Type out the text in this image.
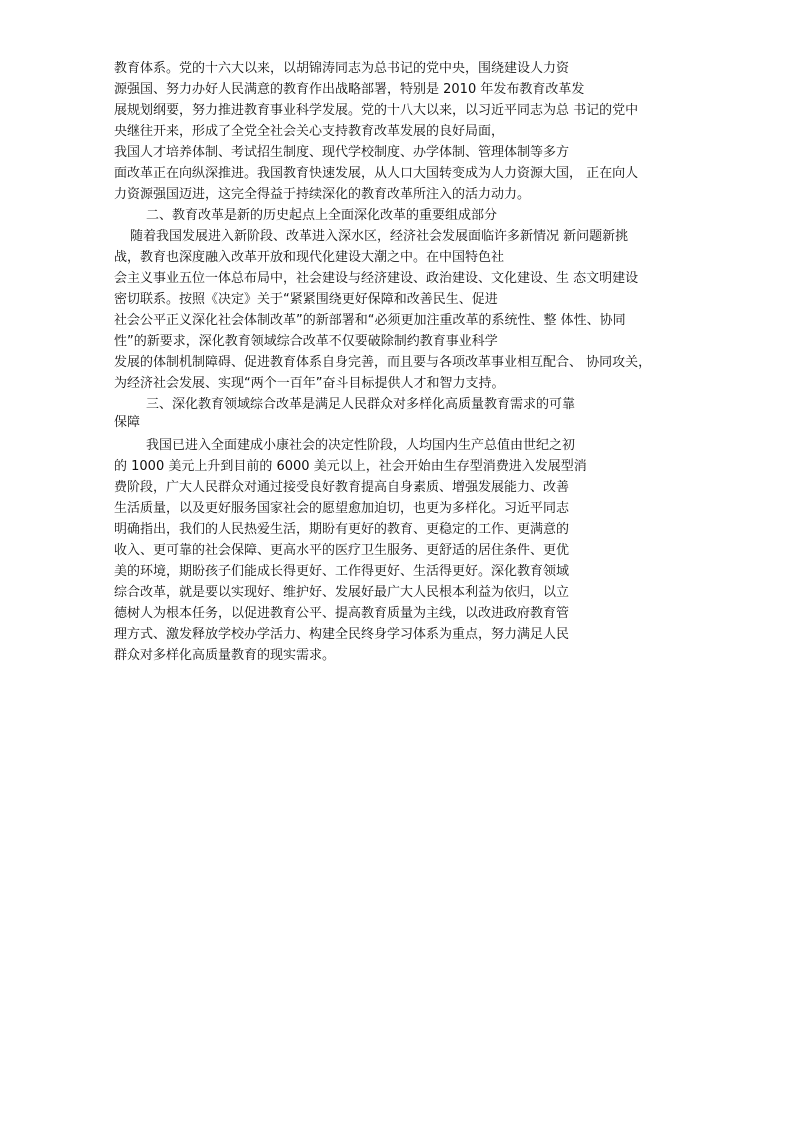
教育体系。党的十六大以来，以胡锦涛同志为总书记的党中央，围绕建设人力资
源强国、努力办好人民满意的教育作出战略部署，特别是 2010 年发布教育改革发
展规划纲要，努力推进教育事业科学发展。党的十八大以来，以习近平同志为总 书记的党中
央继往开来，形成了全党全社会关心支持教育改革发展的良好局面，
我国人才培养体制、考试招生制度、现代学校制度、办学体制、管理体制等多方
面改革正在向纵深推进。我国教育快速发展，从人口大国转变成为人力资源大国， 正在向人
力资源强国迈进，这完全得益于持续深化的教育改革所注入的活力动力。
二、教育改革是新的历史起点上全面深化改革的重要组成部分
随着我国发展进入新阶段、改革进入深水区，经济社会发展面临许多新情况 新问题新挑
战，教育也深度融入改革开放和现代化建设大潮之中。在中国特色社
会主义事业五位一体总布局中，社会建设与经济建设、政治建设、文化建设、生 态文明建设
密切联系。按照《决定》关于“紧紧围绕更好保障和改善民生、促进
社会公平正义深化社会体制改革”的新部署和“必须更加注重改革的系统性、整 体性、协同
性”的新要求，深化教育领域综合改革不仅要破除制约教育事业科学
发展的体制机制障碍、促进教育体系自身完善，而且要与各项改革事业相互配合、 协同攻关，
为经济社会发展、实现“两个一百年”奋斗目标提供人才和智力支持。
三、深化教育领域综合改革是满足人民群众对多样化高质量教育需求的可靠
保障
我国已进入全面建成小康社会的决定性阶段，人均国内生产总值由世纪之初
的 1000 美元上升到目前的 6000 美元以上，社会开始由生存型消费进入发展型消
费阶段，广大人民群众对通过接受良好教育提高自身素质、增强发展能力、改善
生活质量，以及更好服务国家社会的愿望愈加迫切，也更为多样化。习近平同志
明确指出，我们的人民热爱生活，期盼有更好的教育、更稳定的工作、更满意的
收入、更可靠的社会保障、更高水平的医疗卫生服务、更舒适的居住条件、更优
美的环境，期盼孩子们能成长得更好、工作得更好、生活得更好。深化教育领域
综合改革，就是要以实现好、维护好、发展好最广大人民根本利益为依归，以立
德树人为根本任务，以促进教育公平、提高教育质量为主线，以改进政府教育管
理方式、激发释放学校办学活力、构建全民终身学习体系为重点，努力满足人民
群众对多样化高质量教育的现实需求。
